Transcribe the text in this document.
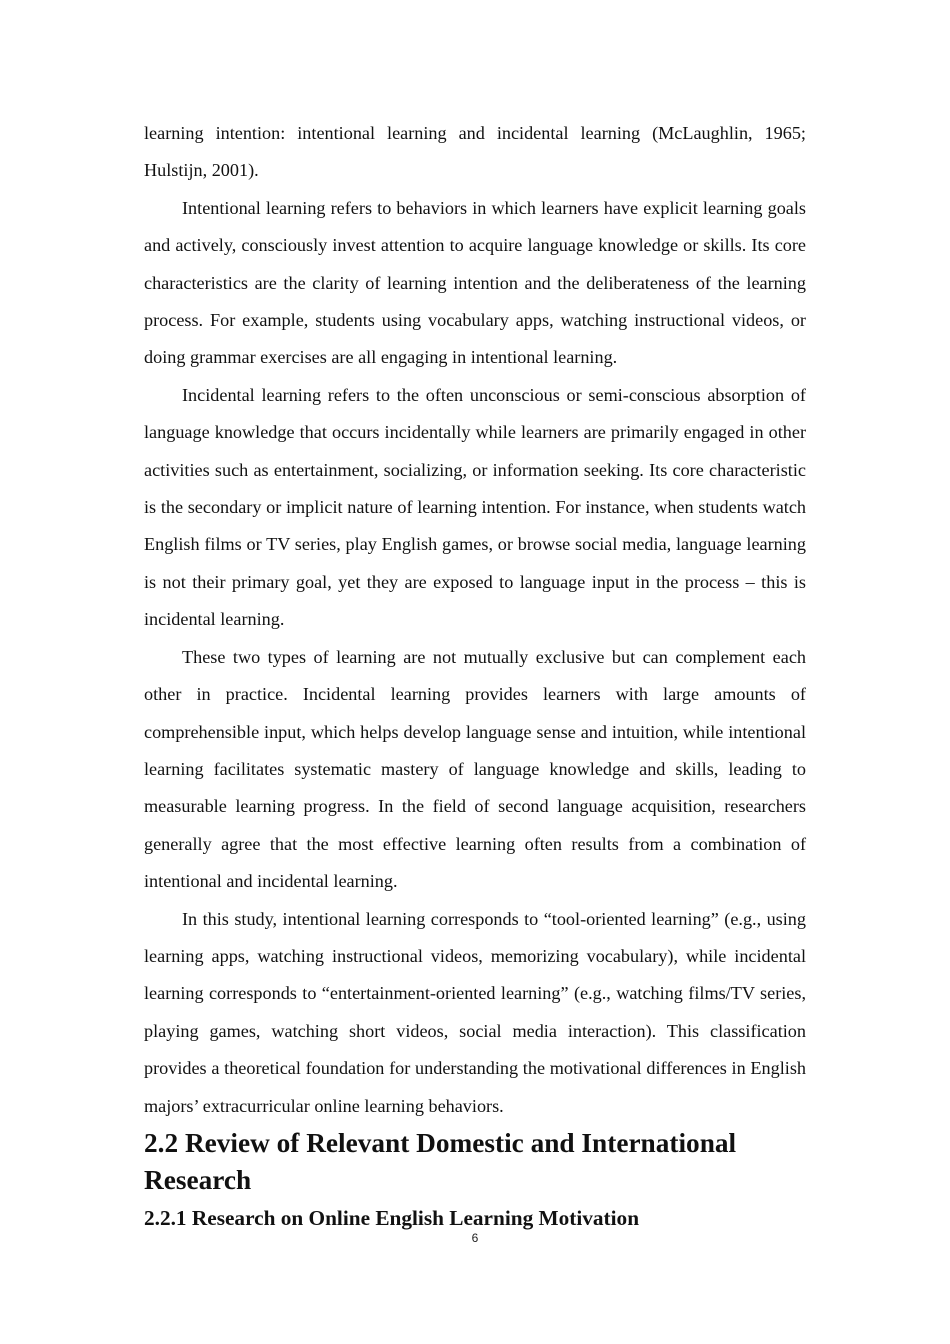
learning intention: intentional learning and incidental learning (McLaughlin, 1965; Hulstijn, 2001).

Intentional learning refers to behaviors in which learners have explicit learning goals and actively, consciously invest attention to acquire language knowledge or skills. Its core characteristics are the clarity of learning intention and the deliberateness of the learning process. For example, students using vocabulary apps, watching instructional videos, or doing grammar exercises are all engaging in intentional learning.

Incidental learning refers to the often unconscious or semi-conscious absorption of language knowledge that occurs incidentally while learners are primarily engaged in other activities such as entertainment, socializing, or information seeking. Its core characteristic is the secondary or implicit nature of learning intention. For instance, when students watch English films or TV series, play English games, or browse social media, language learning is not their primary goal, yet they are exposed to language input in the process – this is incidental learning.

These two types of learning are not mutually exclusive but can complement each other in practice. Incidental learning provides learners with large amounts of comprehensible input, which helps develop language sense and intuition, while intentional learning facilitates systematic mastery of language knowledge and skills, leading to measurable learning progress. In the field of second language acquisition, researchers generally agree that the most effective learning often results from a combination of intentional and incidental learning.

In this study, intentional learning corresponds to “tool-oriented learning” (e.g., using learning apps, watching instructional videos, memorizing vocabulary), while incidental learning corresponds to “entertainment-oriented learning” (e.g., watching films/TV series, playing games, watching short videos, social media interaction). This classification provides a theoretical foundation for understanding the motivational differences in English majors’ extracurricular online learning behaviors.

2.2 Review of Relevant Domestic and International Research
2.2.1 Research on Online English Learning Motivation
6
